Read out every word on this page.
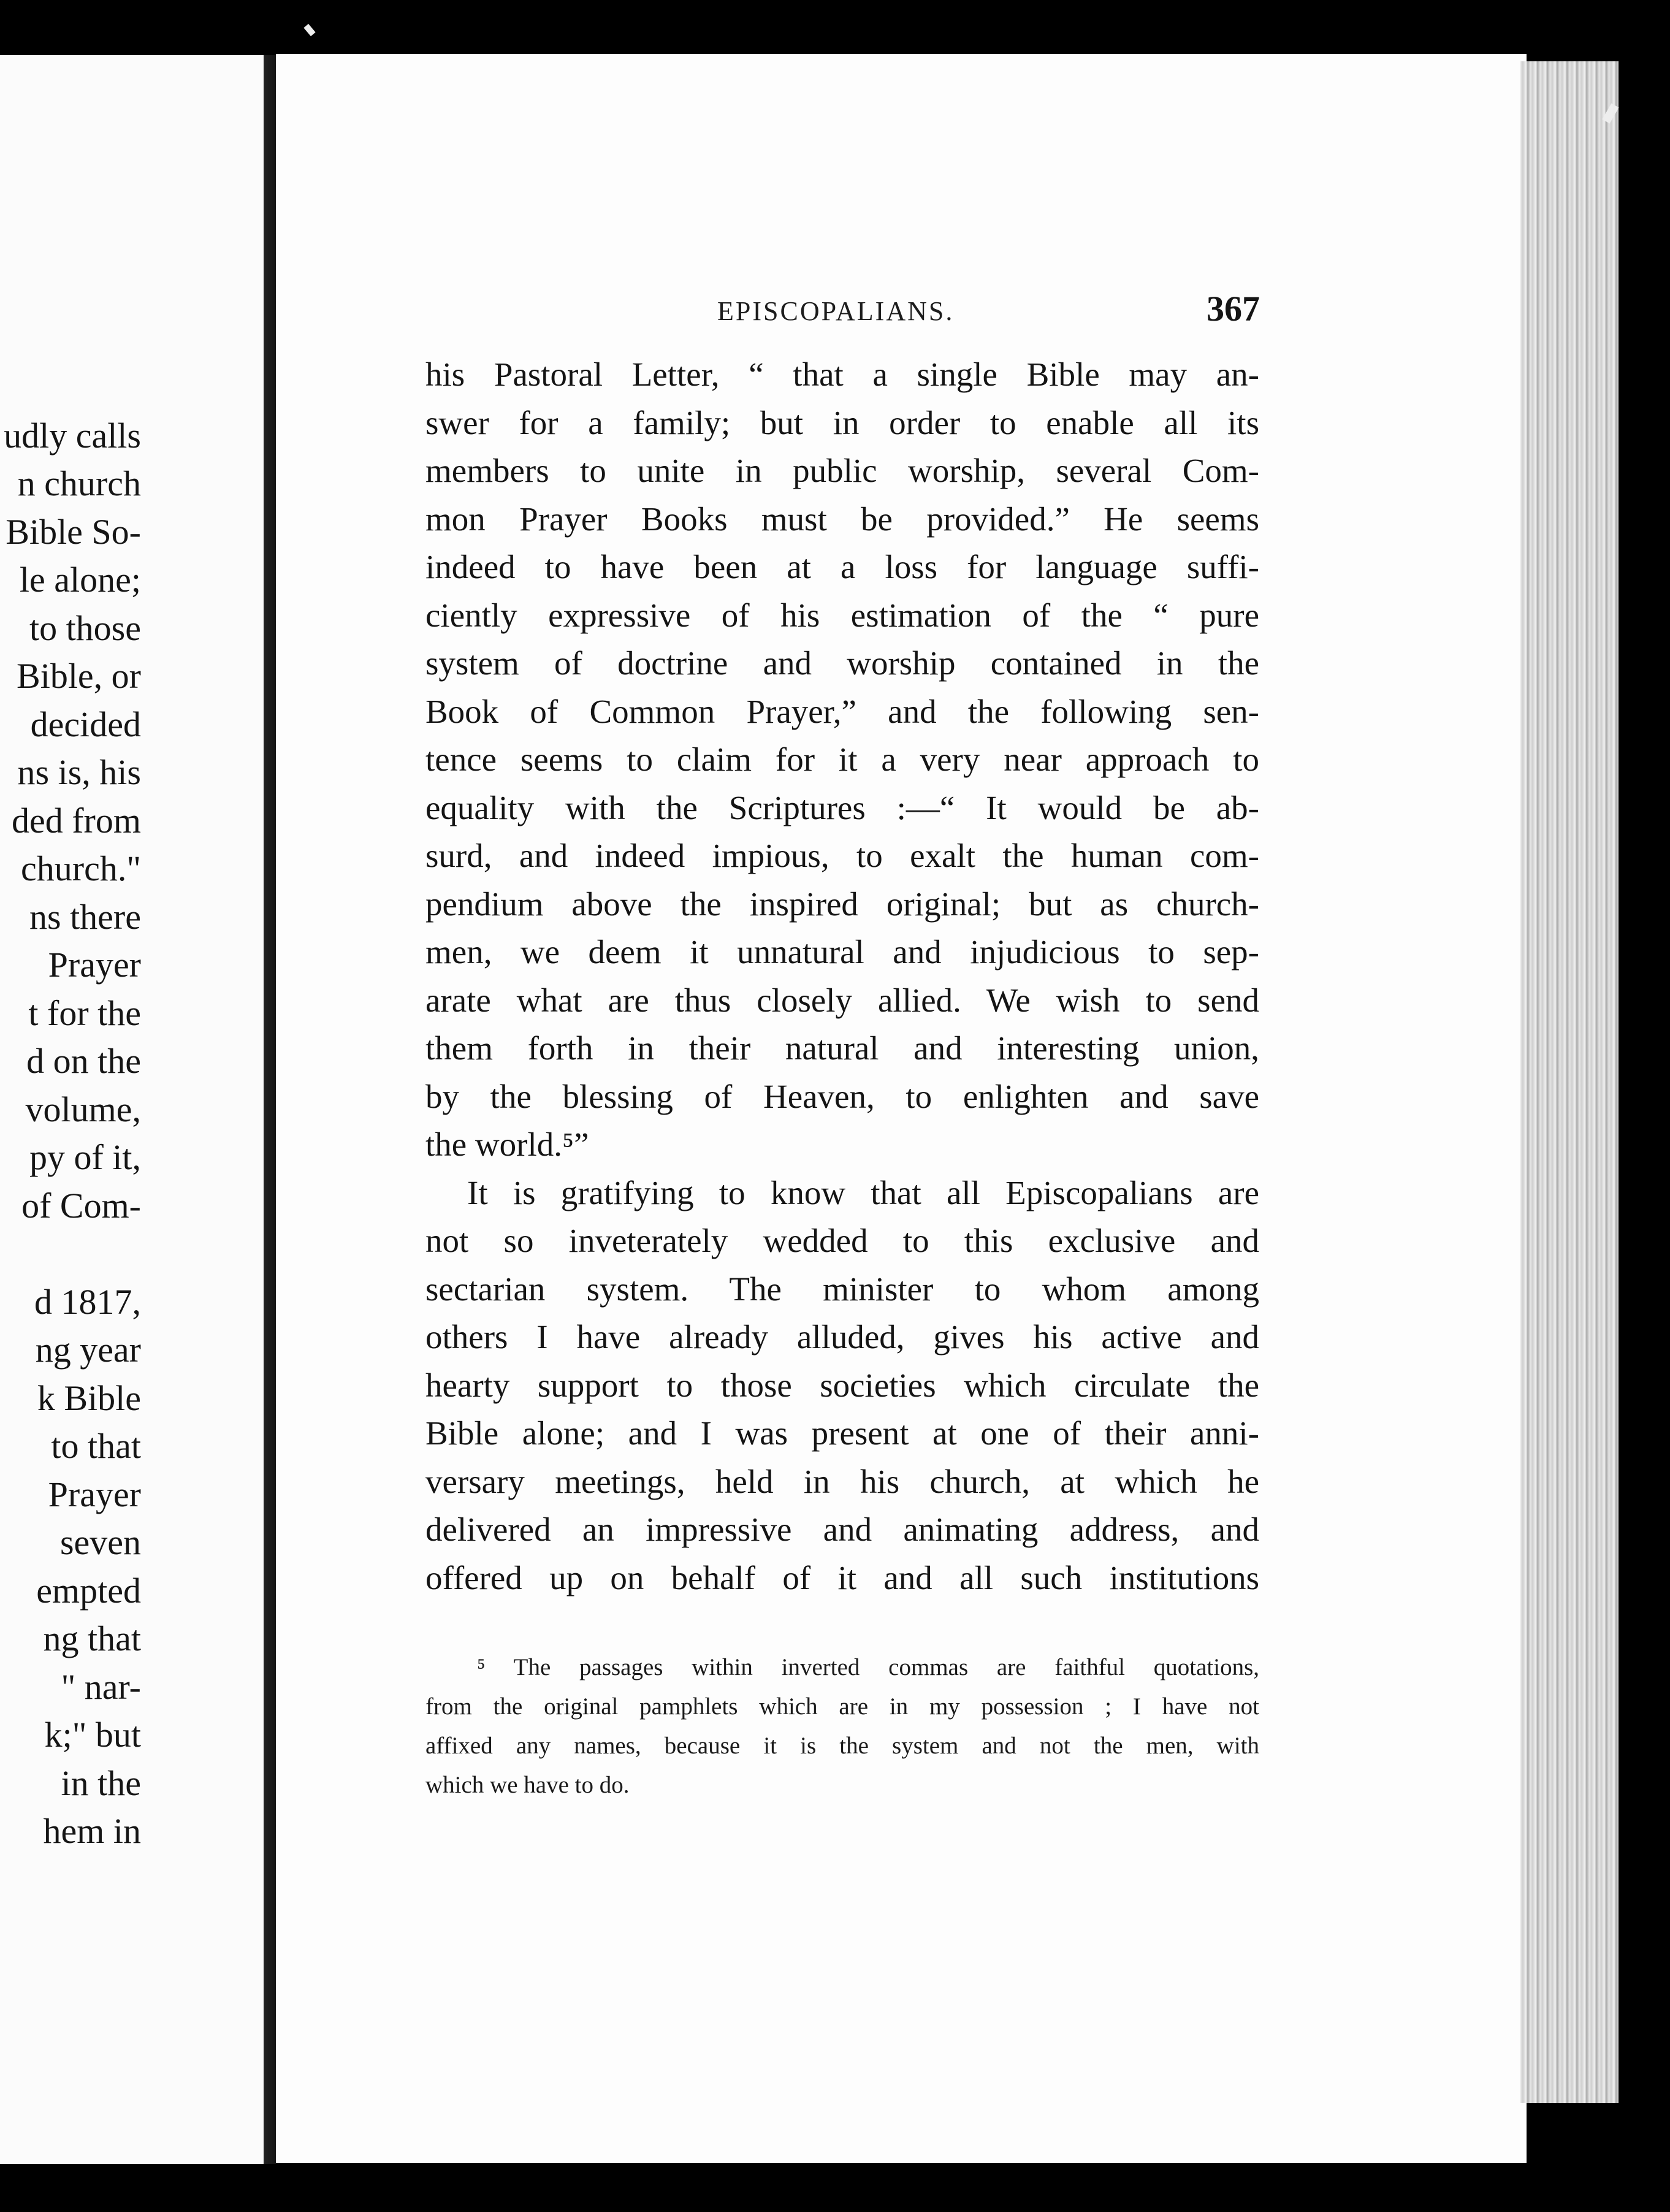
udly calls
n church
Bible So-
le alone;
to those
Bible, or
decided
ns is, his
ded from
church."
ns there
Prayer
t for the
d on the
volume,
py of it,
of Com-
d 1817,
ng year
k Bible
to that
Prayer
seven
empted
ng that
" nar-
k;" but
in the
hem in
EPISCOPALIANS.	367
his Pastoral Letter, “ that a single Bible may an-
swer for a family; but in order to enable all its
members to unite in public worship, several Com-
mon Prayer Books must be provided.” He seems
indeed to have been at a loss for language suffi-
ciently expressive of his estimation of the “ pure
system of doctrine and worship contained in the
Book of Common Prayer,” and the following sen-
tence seems to claim for it a very near approach to
equality with the Scriptures :—“ It would be ab-
surd, and indeed impious, to exalt the human com-
pendium above the inspired original; but as church-
men, we deem it unnatural and injudicious to sep-
arate what are thus closely allied. We wish to send
them forth in their natural and interesting union,
by the blessing of Heaven, to enlighten and save
the world.⁵”
It is gratifying to know that all Episcopalians are
not so inveterately wedded to this exclusive and
sectarian system. The minister to whom among
others I have already alluded, gives his active and
hearty support to those societies which circulate the
Bible alone; and I was present at one of their anni-
versary meetings, held in his church, at which he
delivered an impressive and animating address, and
offered up on behalf of it and all such institutions
⁵ The passages within inverted commas are faithful quotations,
from the original pamphlets which are in my possession ; I have not
affixed any names, because it is the system and not the men, with
which we have to do.
